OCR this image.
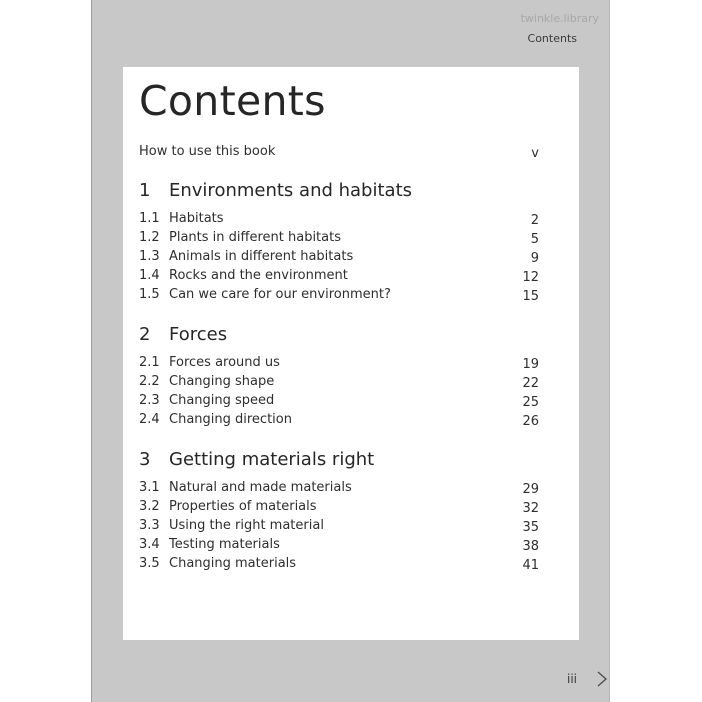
twinkle.library
Contents
Contents
How to use this book	v
1 Environments and habitats
1.1 Habitats	2
1.2 Plants in different habitats	5
1.3 Animals in different habitats	9
1.4 Rocks and the environment	12
1.5 Can we care for our environment?	15
2 Forces
2.1 Forces around us	19
2.2 Changing shape	22
2.3 Changing speed	25
2.4 Changing direction	26
3 Getting materials right
3.1 Natural and made materials	29
3.2 Properties of materials	32
3.3 Using the right material	35
3.4 Testing materials	38
3.5 Changing materials	41
iii
